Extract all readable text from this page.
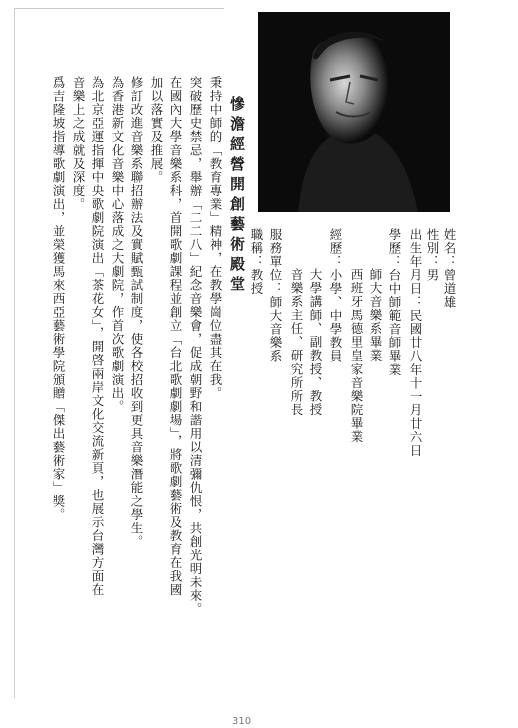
姓名：曾道雄
性別：男
出生年月日：民國廿八年十一月廿六日
學歷：台中師範音師畢業
師大音樂系畢業
西班牙馬德里皇家音樂院畢業
經歷：小學、中學教員
大學講師、副教授、教授
音樂系主任、研究所所長
服務單位：師大音樂系
職稱：教授
慘澹經營開創藝術殿堂
秉持中師的「教育專業」精神，在教學崗位盡其在我。
突破歷史禁忌，舉辦「二二八」紀念音樂會，促成朝野和諧用以清彌仇恨，共創光明未來。
在國內大學音樂系科，首開歌劇課程並創立「台北歌劇劇場」，將歌劇藝術及教育在我國
加以落實及推展。
修訂改進音樂系聯招辦法及實賦甄試制度，使各校招收到更具音樂潛能之學生。
為香港新文化音樂中心落成之大劇院，作首次歌劇演出。
為北京亞運指揮中央歌劇院演出「茶花女」，開啓兩岸文化交流新頁，也展示台灣方面在
音樂上之成就及深度。
爲吉隆坡指導歌劇演出，並榮獲馬來西亞藝術學院頒贈「傑出藝術家」獎。
310
